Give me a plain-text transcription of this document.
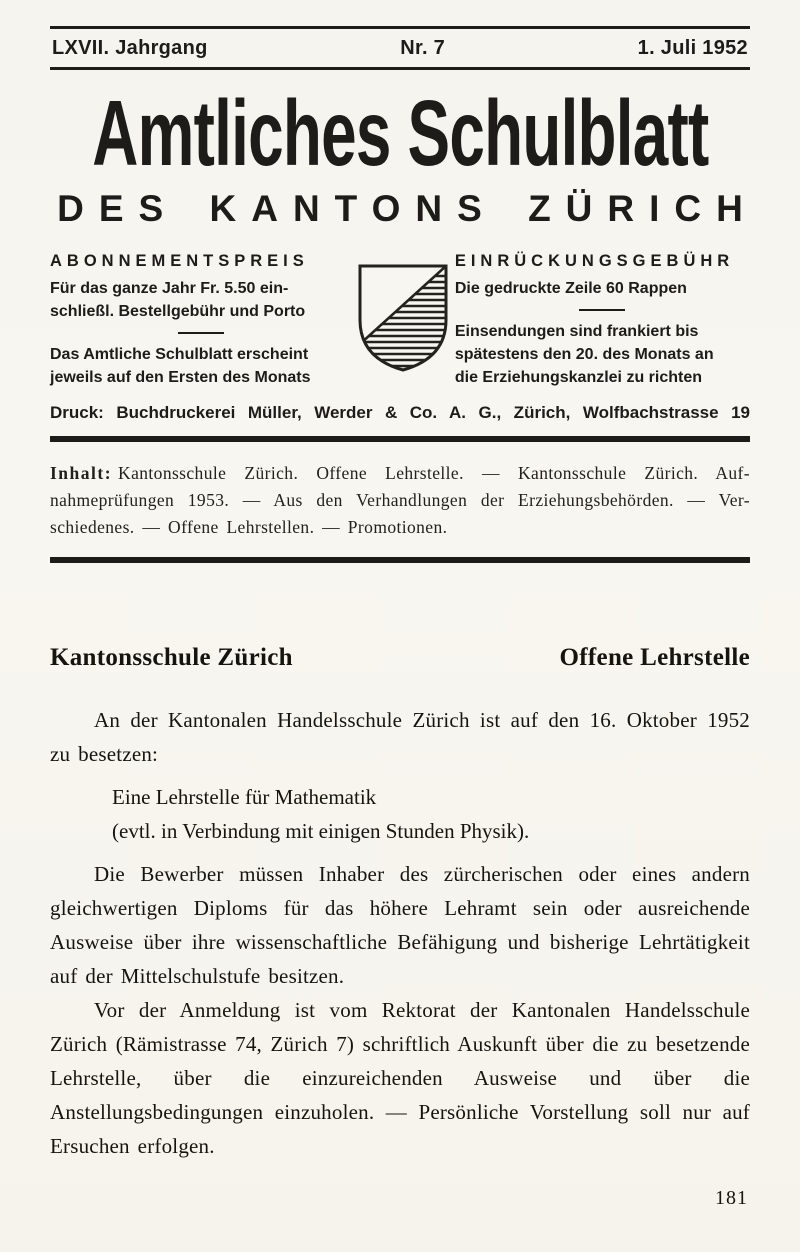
LXVII. Jahrgang	Nr. 7	1. Juli 1952
Amtliches Schulblatt
DES KANTONS ZÜRICH
ABONNEMENTSPREIS
Für das ganze Jahr Fr. 5.50 ein-
schließl. Bestellgebühr und Porto
Das Amtliche Schulblatt erscheint
jeweils auf den Ersten des Monats
EINRÜCKUNGSGEBÜHR
Die gedruckte Zeile 60 Rappen
Einsendungen sind frankiert bis
spätestens den 20. des Monats an
die Erziehungskanzlei zu richten
Druck: Buchdruckerei Müller, Werder & Co. A. G., Zürich, Wolfbachstrasse 19
Inhalt: Kantonsschule Zürich. Offene Lehrstelle. — Kantonsschule Zürich. Auf-
nahmeprüfungen 1953. — Aus den Verhandlungen der Erziehungsbehörden. — Ver-
schiedenes. — Offene Lehrstellen. — Promotionen.
Kantonsschule Zürich	Offene Lehrstelle

An der Kantonalen Handelsschule Zürich ist auf den 16. Oktober 1952 zu besetzen:

Eine Lehrstelle für Mathematik
(evtl. in Verbindung mit einigen Stunden Physik).

Die Bewerber müssen Inhaber des zürcherischen oder eines andern gleichwertigen Diploms für das höhere Lehramt sein oder ausreichende Ausweise über ihre wissenschaftliche Befähigung und bisherige Lehrtätigkeit auf der Mittelschulstufe besitzen.

Vor der Anmeldung ist vom Rektorat der Kantonalen Handelsschule Zürich (Rämistrasse 74, Zürich 7) schriftlich Auskunft über die zu besetzende Lehrstelle, über die einzureichenden Ausweise und über die Anstellungsbedingungen einzuholen. — Persönliche Vorstellung soll nur auf Ersuchen erfolgen.

181
